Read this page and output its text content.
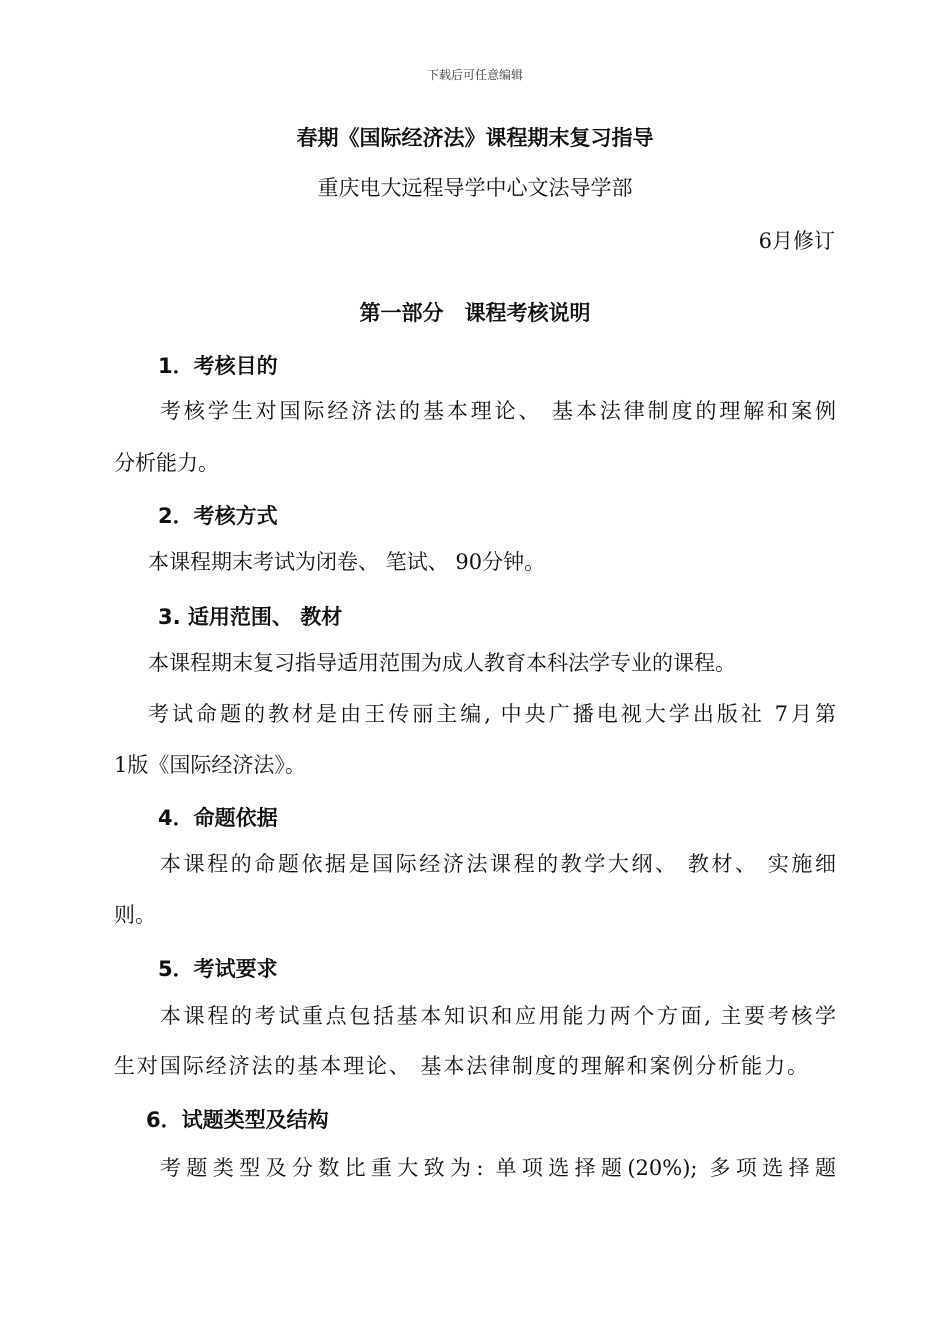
下载后可任意编辑
春期《国际经济法》课程期末复习指导
重庆电大远程导学中心文法导学部
6月修订
第一部分　课程考核说明
1．考核目的
考核学生对国际经济法的基本理论、 基本法律制度的理解和案例
分析能力。
2．考核方式
本课程期末考试为闭卷、 笔试、 90分钟。
3. 适用范围、 教材
本课程期末复习指导适用范围为成人教育本科法学专业的课程。
考试命题的教材是由王传丽主编, 中央广播电视大学出版社 7月第
1版《国际经济法》。
4．命题依据
本课程的命题依据是国际经济法课程的教学大纲、 教材、 实施细
则。
5．考试要求
本课程的考试重点包括基本知识和应用能力两个方面, 主要考核学
生对国际经济法的基本理论、 基本法律制度的理解和案例分析能力。
6．试题类型及结构
考题类型及分数比重大致为: 单项选择题(20%); 多项选择题
